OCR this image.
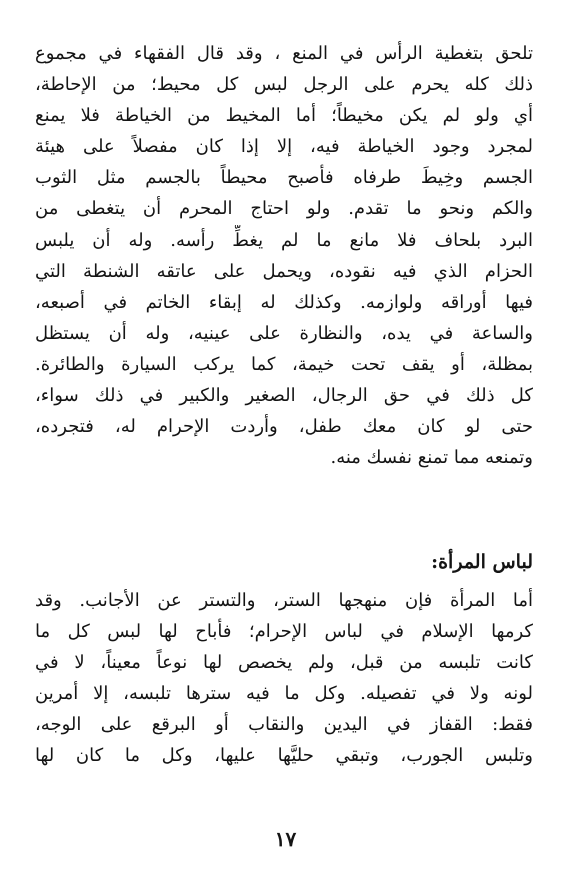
تلحق بتغطية الرأس في المنع ، وقد قال الفقهاء في مجموع
ذلك كله يحرم على الرجل لبس كل محيط؛ من الإحاطة،
أي ولو لم يكن مخيطاً؛ أما المخيط من الخياطة فلا يمنع
لمجرد وجود الخياطة فيه، إلا إذا كان مفصلاً على هيئة
الجسم وخِيطَ طرفاه فأصبح محيطاً بالجسم مثل الثوب
والكم ونحو ما تقدم. ولو احتاج المحرم أن يتغطى من
البرد بلحاف فلا مانع ما لم يغطِّ رأسه. وله أن يلبس
الحزام الذي فيه نقوده، ويحمل على عاتقه الشنطة التي
فيها أوراقه ولوازمه. وكذلك له إبقاء الخاتم في أصبعه،
والساعة في يده، والنظارة على عينيه، وله أن يستظل
بمظلة، أو يقف تحت خيمة، كما يركب السيارة والطائرة.
كل ذلك في حق الرجال، الصغير والكبير في ذلك سواء،
حتى لو كان معك طفل، وأردت الإحرام له، فتجرده،
وتمنعه مما تمنع نفسك منه.
لباس المرأة:
أما المرأة فإن منهجها الستر، والتستر عن الأجانب. وقد
كرمها الإسلام في لباس الإحرام؛ فأباح لها لبس كل ما
كانت تلبسه من قبل، ولم يخصص لها نوعاً معيناً، لا في
لونه ولا في تفصيله. وكل ما فيه سترها تلبسه، إلا أمرين
فقط: القفاز في اليدين والنقاب أو البرقع على الوجه،
وتلبس الجورب، وتبقي حليَّها عليها، وكل ما كان لها
١٧
